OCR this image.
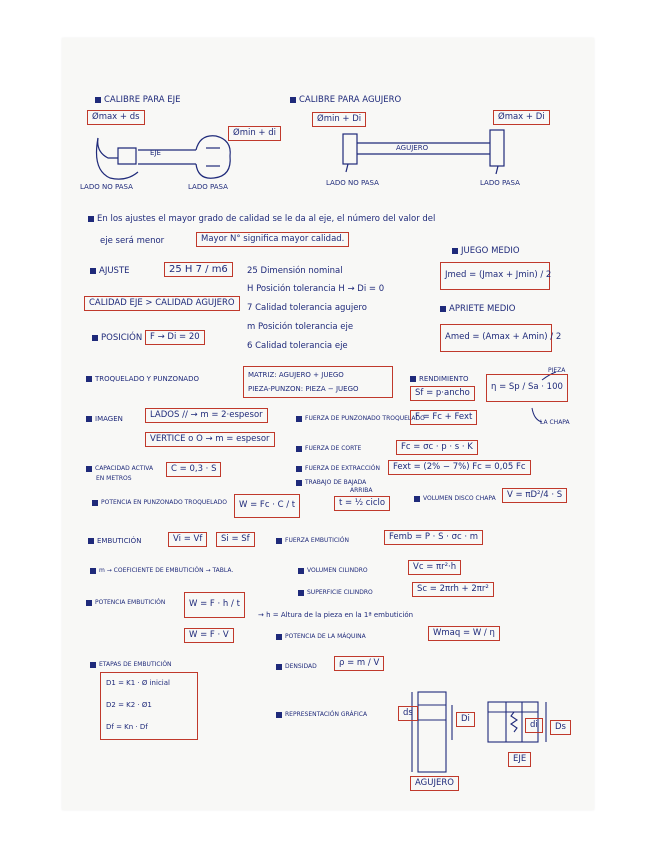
CALIBRE PARA EJE	CALIBRE PARA AGUJERO
Ømax + ds
Ømin + di
EJE
LADO NO PASA	LADO PASA
Ømin + Di	Ømax + Di
AGUJERO
LADO NO PASA	LADO PASA
En los ajustes el mayor grado de calidad se le da al eje, el número del valor del
eje será menor	Mayor N° significa mayor calidad.
AJUSTE	25 H 7 / m6	25 Dimensión nominal
H Posición tolerancia H → Di = 0
7 Calidad tolerancia agujero
m Posición tolerancia eje
6 Calidad tolerancia eje
CALIDAD EJE > CALIDAD AGUJERO
POSICIÓN F → Di = 20
JUEGO MEDIO
Jmed = (Jmax + Jmin) / 2
APRIETE MEDIO
Amed = (Amax + Amin) / 2
TROQUELADO Y PUNZONADO	MATRIZ: AGUJERO + JUEGO
PIEZA-PUNZON: PIEZA − JUEGO
RENDIMIENTO
Sf = p·ancho
η = Sp / Sa · 100
PIEZA
LA CHAPA
IMAGEN	LADOS // → m = 2·espesor
VERTICE o O → m = espesor
FUERZA DE PUNZONADO TROQUELADO
F = Fc + Fext
FUERZA DE CORTE	Fc = σc · p · s · K
FUERZA DE EXTRACCIÓN	Fext = (2% − 7%) Fc = 0,05 Fc
TRABAJO DE BAJADA
ARRIBA
CAPACIDAD ACTIVA
EN METROS
C = 0,3 · S
POTENCIA EN PUNZONADO TROQUELADO	W = Fc · C / t	t = ½ ciclo	VOLUMEN DISCO CHAPA	V = πD²/4 · S
EMBUTICIÓN	Vi = Vf	Si = Sf	FUERZA EMBUTICIÓN	Femb = P · S · σc · m
m → COEFICIENTE DE EMBUTICIÓN → TABLA.	VOLUMEN CILINDRO	Vc = πr²·h
SUPERFICIE CILINDRO	Sc = 2πrh + 2πr²
POTENCIA EMBUTICIÓN	W = F · h / t
→ h = Altura de la pieza en la 1ª embutición
W = F · V	POTENCIA DE LA MÁQUINA	Wmaq = W / η
ETAPAS DE EMBUTICIÓN
D1 = K1 · Ø inicial
D2 = K2 · Ø1
Df = Kn · Df
DENSIDAD	ρ = m / V
REPRESENTACIÓN GRÁFICA	ds
Di
di	Ds
EJE
AGUJERO
